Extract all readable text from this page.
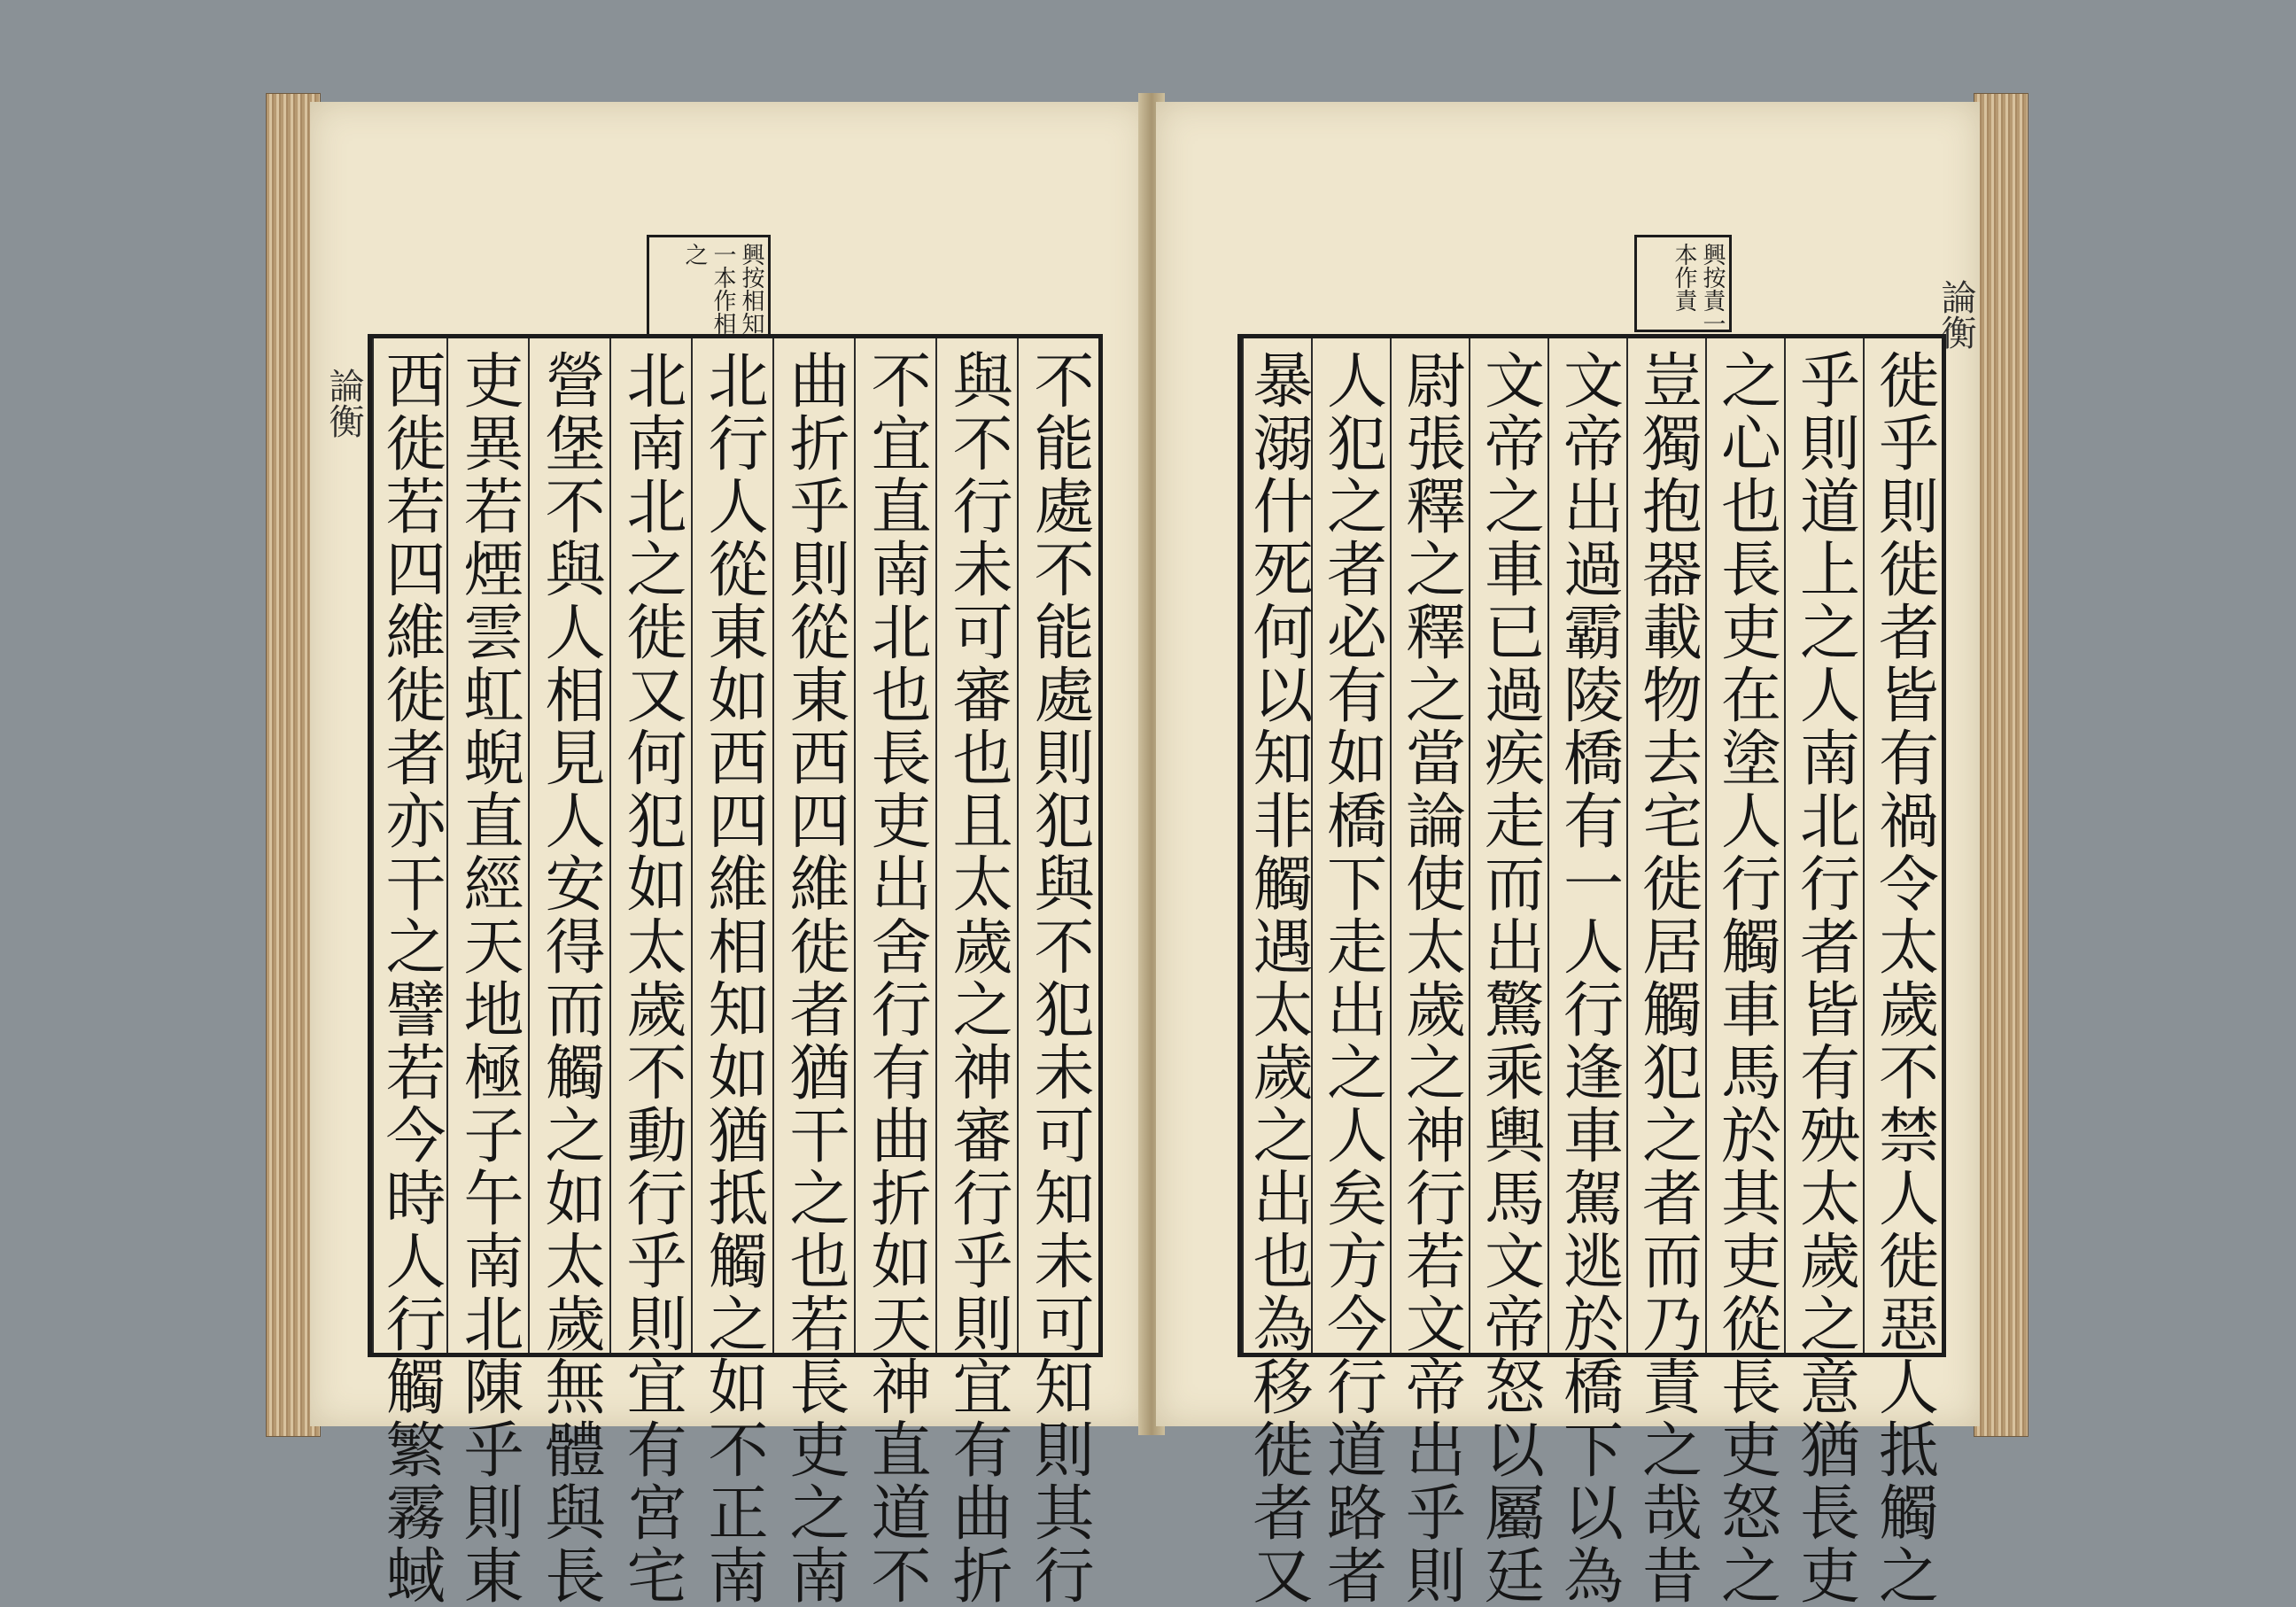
論衡
興按相知
一本作相
之
不能處不能處則犯與不犯未可知未可知則其行
與不行未可審也且太歲之神審行乎則宜有曲折
不宜直南北也長吏出舍行有曲折如天神直道不
曲折乎則從東西四維徙者猶干之也若長吏之南
北行人從東如西四維相知如猶抵觸之如不正南
北南北之徙又何犯如太歲不動行乎則宜有宮宅
營堡不與人相見人安得而觸之如太歲無體與長
吏異若煙雲虹蜺直經天地極子午南北陳乎則東
西徙若四維徙者亦干之譬若今時人行觸繁霧蜮
論衡
興按責一
本作責
徙乎則徙者皆有禍令太歲不禁人徙惡人抵觸之
乎則道上之人南北行者皆有殃太歲之意猶長吏
之心也長吏在塗人行觸車馬於其吏從長吏怒之
豈獨抱器載物去宅徙居觸犯之者而乃責之哉昔
文帝出過霸陵橋有一人行逢車駕逃於橋下以為
文帝之車已過疾走而出驚乘輿馬文帝怒以屬廷
尉張釋之釋之當論使太歲之神行若文帝出乎則
人犯之者必有如橋下走出之人矣方今行道路者
暴溺什死何以知非觸遇太歲之出也為移徙者又
